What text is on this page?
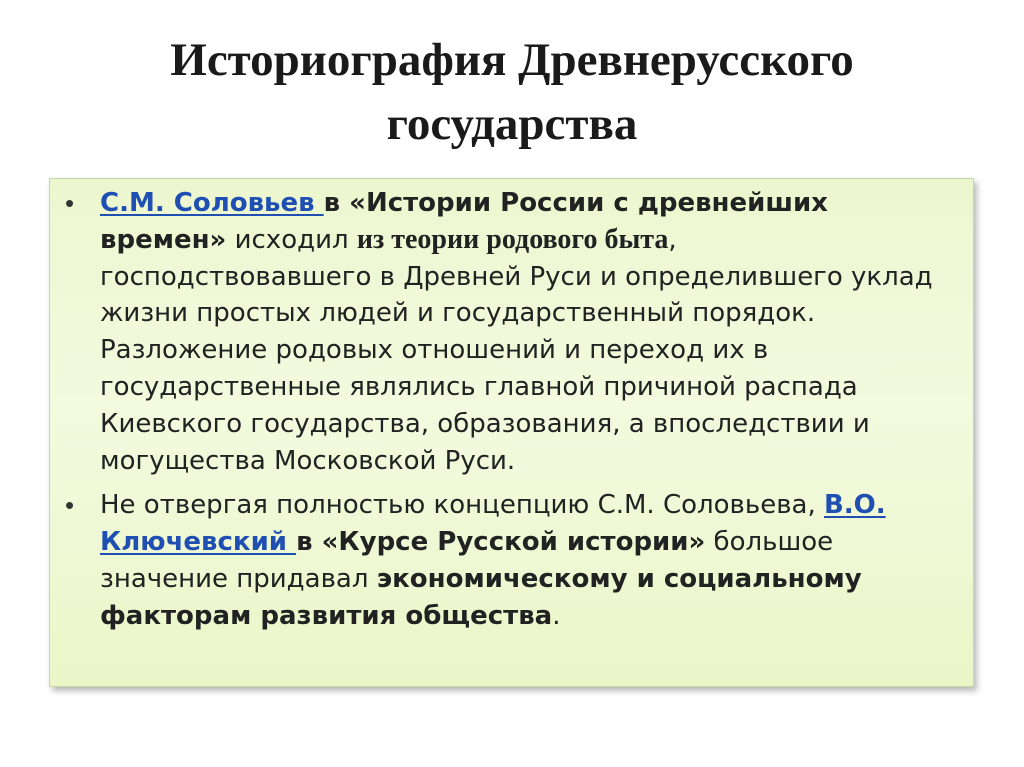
Историография Древнерусского
государства
• С.М. Соловьев в «Истории России с древнейших времен» исходил из теории родового быта, господствовавшего в Древней Руси и определившего уклад жизни простых людей и государственный порядок. Разложение родовых отношений и переход их в государственные являлись главной причиной распада Киевского государства, образования, а впоследствии и могущества Московской Руси.
• Не отвергая полностью концепцию С.М. Соловьева, В.О. Ключевский в «Курсе Русской истории» большое значение придавал экономическому и социальному факторам развития общества.
